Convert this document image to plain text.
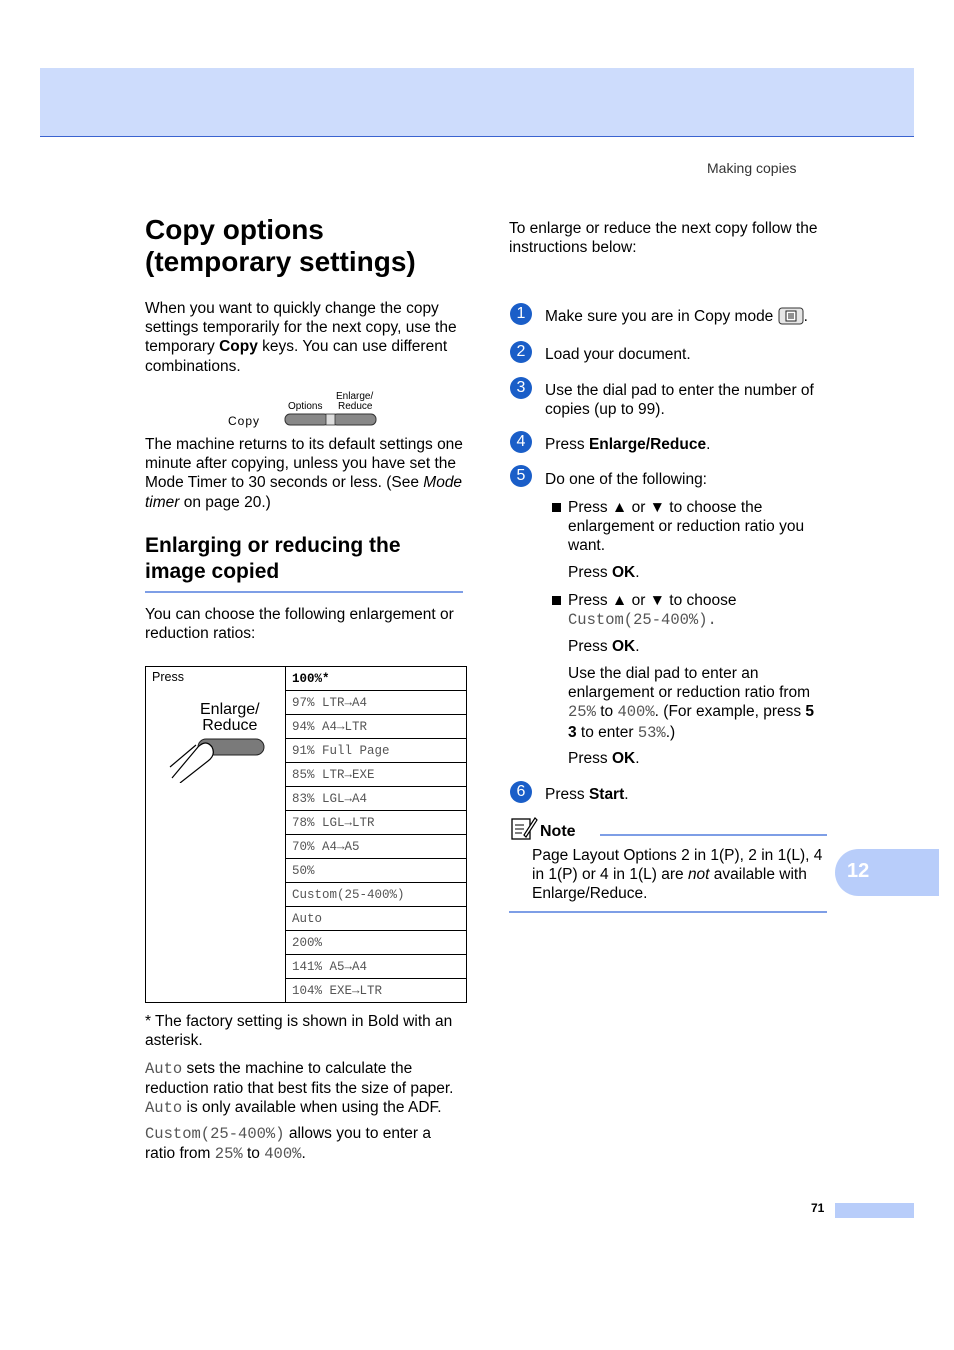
Making copies
Copy options (temporary settings)
When you want to quickly change the copy settings temporarily for the next copy, use the temporary Copy keys. You can use different combinations.
Copy
Options
Enlarge/
Reduce
The machine returns to its default settings one minute after copying, unless you have set the Mode Timer to 30 seconds or less. (See Mode timer on page 20.)
Enlarging or reducing the image copied
You can choose the following enlargement or reduction ratios:
Press
Enlarge/
Reduce
	100%*
97% LTR→A4
94% A4→LTR
91% Full Page
85% LTR→EXE
83% LGL→A4
78% LGL→LTR
70% A4→A5
50%
Custom(25-400%)
Auto
200%
141% A5→A4
104% EXE→LTR
* The factory setting is shown in Bold with an asterisk.
Auto sets the machine to calculate the reduction ratio that best fits the size of paper. Auto is only available when using the ADF.
Custom(25-400%) allows you to enter a ratio from 25% to 400%.
To enlarge or reduce the next copy follow the instructions below:
1	Make sure you are in Copy mode .
2	Load your document.
3	Use the dial pad to enter the number of copies (up to 99).
4	Press Enlarge/Reduce.
5	Do one of the following:
Press ▲ or ▼ to choose the enlargement or reduction ratio you want.
Press OK.
Press ▲ or ▼ to choose
Custom(25-400%).
Press OK.
Use the dial pad to enter an enlargement or reduction ratio from 25% to 400%. (For example, press 5 3 to enter 53%.)
Press OK.
6	Press Start.
Note
Page Layout Options 2 in 1(P), 2 in 1(L), 4 in 1(P) or 4 in 1(L) are not available with Enlarge/Reduce.
12
71
